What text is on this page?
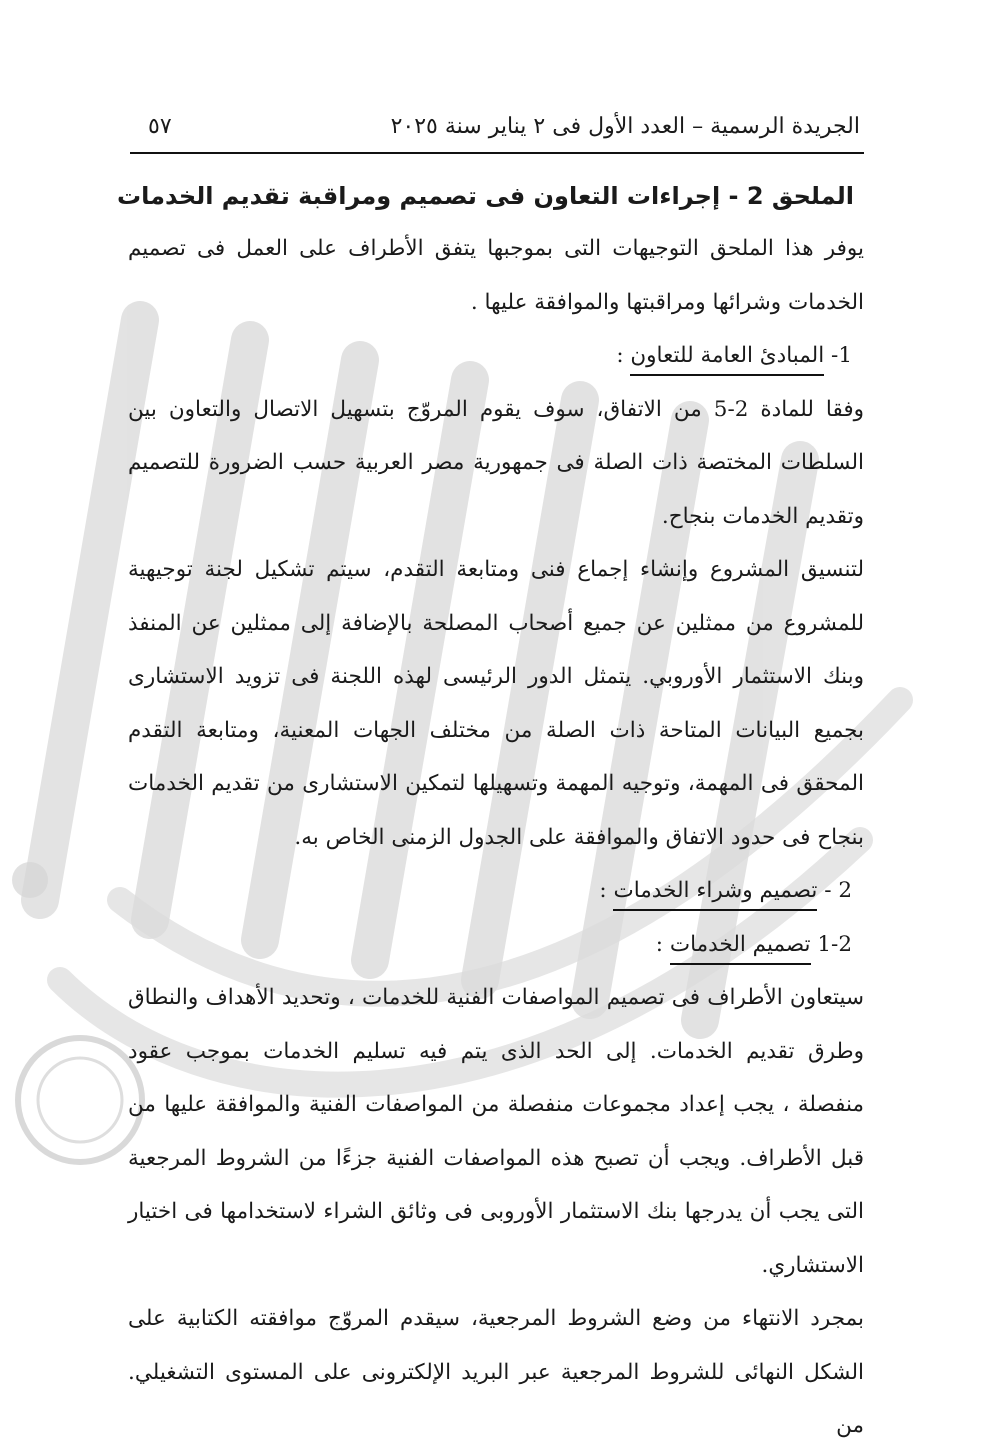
الجريدة الرسمية – العدد الأول فى ٢ يناير سنة ٢٠٢٥
٥٧
الملحق 2 - إجراءات التعاون فى تصميم ومراقبة تقديم الخدمات

يوفر هذا الملحق التوجيهات التى بموجبها يتفق الأطراف على العمل فى تصميم الخدمات وشرائها ومراقبتها والموافقة عليها .

1- المبادئ العامة للتعاون :

وفقا للمادة 2-5 من الاتفاق، سوف يقوم المروّج بتسهيل الاتصال والتعاون بين السلطات المختصة ذات الصلة فى جمهورية مصر العربية حسب الضرورة للتصميم وتقديم الخدمات بنجاح.

لتنسيق المشروع وإنشاء إجماع فنى ومتابعة التقدم، سيتم تشكيل لجنة توجيهية للمشروع من ممثلين عن جميع أصحاب المصلحة بالإضافة إلى ممثلين عن المنفذ وبنك الاستثمار الأوروبي. يتمثل الدور الرئيسى لهذه اللجنة فى تزويد الاستشارى بجميع البيانات المتاحة ذات الصلة من مختلف الجهات المعنية، ومتابعة التقدم المحقق فى المهمة، وتوجيه المهمة وتسهيلها لتمكين الاستشارى من تقديم الخدمات بنجاح فى حدود الاتفاق والموافقة على الجدول الزمنى الخاص به.

2 - تصميم وشراء الخدمات :
1-2 تصميم الخدمات :

سيتعاون الأطراف فى تصميم المواصفات الفنية للخدمات ، وتحديد الأهداف والنطاق وطرق تقديم الخدمات. إلى الحد الذى يتم فيه تسليم الخدمات بموجب عقود منفصلة ، يجب إعداد مجموعات منفصلة من المواصفات الفنية والموافقة عليها من قبل الأطراف. ويجب أن تصبح هذه المواصفات الفنية جزءًا من الشروط المرجعية التى يجب أن يدرجها بنك الاستثمار الأوروبى فى وثائق الشراء لاستخدامها فى اختيار الاستشاري.

بمجرد الانتهاء من وضع الشروط المرجعية، سيقدم المروّج موافقته الكتابية على الشكل النهائى للشروط المرجعية عبر البريد الإلكترونى على المستوى التشغيلي. من
